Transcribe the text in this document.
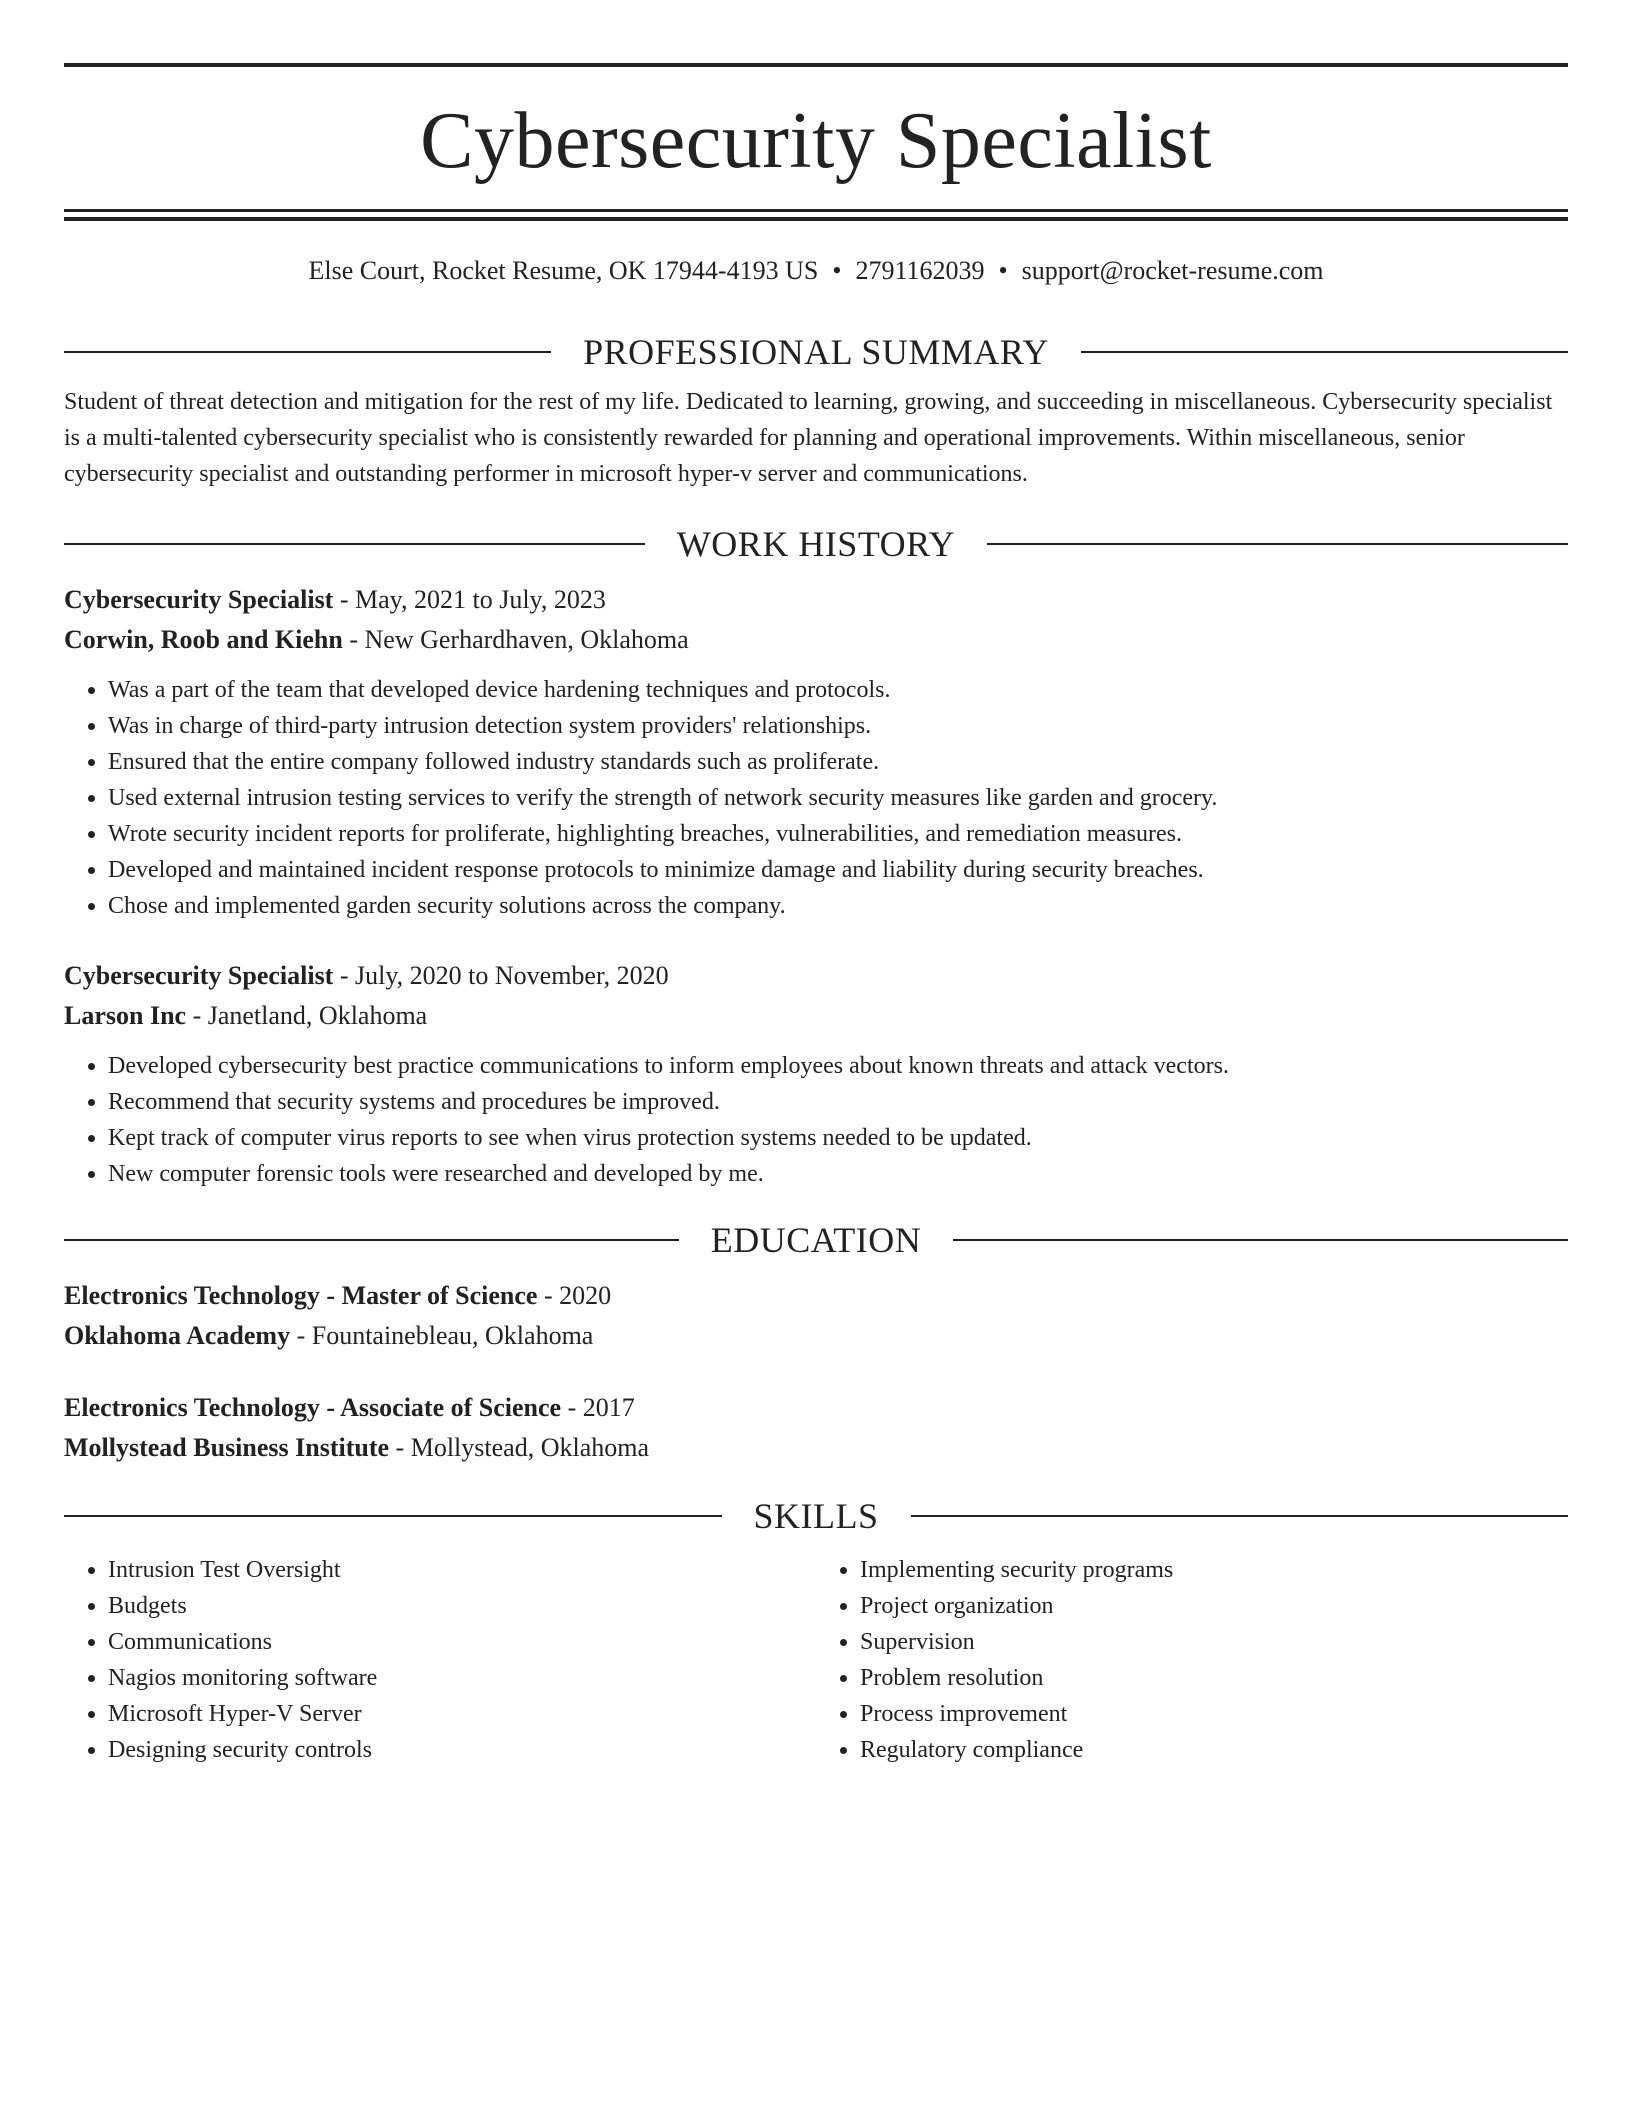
Cybersecurity Specialist
Else Court, Rocket Resume, OK 17944-4193 US • 2791162039 • support@rocket-resume.com
PROFESSIONAL SUMMARY

Student of threat detection and mitigation for the rest of my life. Dedicated to learning, growing, and succeeding in miscellaneous. Cybersecurity specialist is a multi-talented cybersecurity specialist who is consistently rewarded for planning and operational improvements. Within miscellaneous, senior cybersecurity specialist and outstanding performer in microsoft hyper-v server and communications.

WORK HISTORY
Cybersecurity Specialist - May, 2021 to July, 2023
Corwin, Roob and Kiehn - New Gerhardhaven, Oklahoma
• Was a part of the team that developed device hardening techniques and protocols.
• Was in charge of third-party intrusion detection system providers' relationships.
• Ensured that the entire company followed industry standards such as proliferate.
• Used external intrusion testing services to verify the strength of network security measures like garden and grocery.
• Wrote security incident reports for proliferate, highlighting breaches, vulnerabilities, and remediation measures.
• Developed and maintained incident response protocols to minimize damage and liability during security breaches.
• Chose and implemented garden security solutions across the company.
Cybersecurity Specialist - July, 2020 to November, 2020
Larson Inc - Janetland, Oklahoma
• Developed cybersecurity best practice communications to inform employees about known threats and attack vectors.
• Recommend that security systems and procedures be improved.
• Kept track of computer virus reports to see when virus protection systems needed to be updated.
• New computer forensic tools were researched and developed by me.
EDUCATION
Electronics Technology - Master of Science - 2020
Oklahoma Academy - Fountainebleau, Oklahoma
Electronics Technology - Associate of Science - 2017
Mollystead Business Institute - Mollystead, Oklahoma
SKILLS
• Intrusion Test Oversight
• Budgets
• Communications
• Nagios monitoring software
• Microsoft Hyper-V Server
• Designing security controls
• Implementing security programs
• Project organization
• Supervision
• Problem resolution
• Process improvement
• Regulatory compliance
